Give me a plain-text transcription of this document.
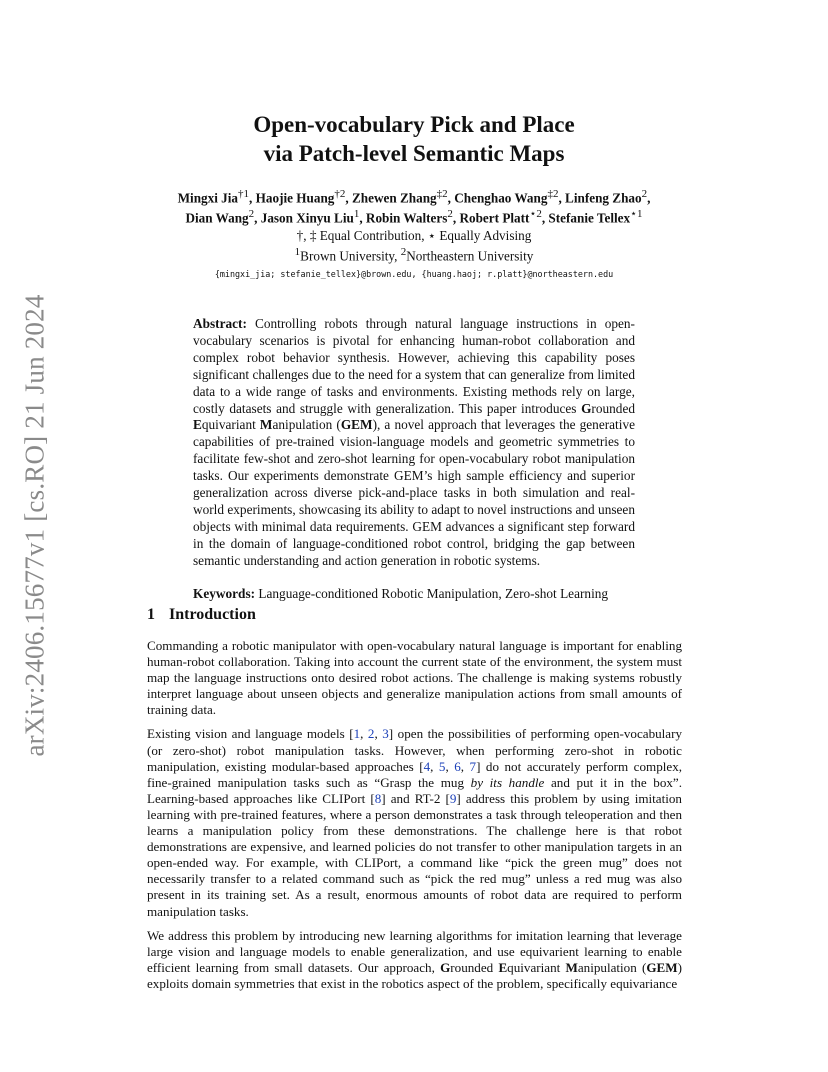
arXiv:2406.15677v1 [cs.RO] 21 Jun 2024
Open-vocabulary Pick and Place
via Patch-level Semantic Maps
Mingxi Jia$^{\dagger 1}$, Haojie Huang$^{\dagger 2}$, Zhewen Zhang$^{\ddagger 2}$, Chenghao Wang$^{\ddagger 2}$, Linfeng Zhao$^2$,
Dian Wang$^2$, Jason Xinyu Liu$^1$, Robin Walters$^2$, Robert Platt$^{⋆2}$, Stefanie Tellex$^{⋆1}$
†, ‡ Equal Contribution, ⋆ Equally Advising
$^1$Brown University, $^2$Northeastern University
{mingxi_jia; stefanie_tellex}@brown.edu, {huang.haoj; r.platt}@northeastern.edu
Abstract: Controlling robots through natural language instructions in open-vocabulary scenarios is pivotal for enhancing human-robot collaboration and complex robot behavior synthesis. However, achieving this capability poses significant challenges due to the need for a system that can generalize from limited data to a wide range of tasks and environments. Existing methods rely on large, costly datasets and struggle with generalization. This paper introduces Grounded Equivariant Manipulation (GEM), a novel approach that leverages the generative capabilities of pre-trained vision-language models and geometric symmetries to facilitate few-shot and zero-shot learning for open-vocabulary robot manipulation tasks. Our experiments demonstrate GEM’s high sample efficiency and superior generalization across diverse pick-and-place tasks in both simulation and real-world experiments, showcasing its ability to adapt to novel instructions and unseen objects with minimal data requirements. GEM advances a significant step forward in the domain of language-conditioned robot control, bridging the gap between semantic understanding and action generation in robotic systems.
Keywords: Language-conditioned Robotic Manipulation, Zero-shot Learning
1 Introduction

Commanding a robotic manipulator with open-vocabulary natural language is important for enabling human-robot collaboration. Taking into account the current state of the environment, the system must map the language instructions onto desired robot actions. The challenge is making systems robustly interpret language about unseen objects and generalize manipulation actions from small amounts of training data.

Existing vision and language models [1, 2, 3] open the possibilities of performing open-vocabulary (or zero-shot) robot manipulation tasks. However, when performing zero-shot in robotic manipulation, existing modular-based approaches [4, 5, 6, 7] do not accurately perform complex, fine-grained manipulation tasks such as “Grasp the mug by its handle and put it in the box”. Learning-based approaches like CLIPort [8] and RT-2 [9] address this problem by using imitation learning with pre-trained features, where a person demonstrates a task through teleoperation and then learns a manipulation policy from these demonstrations. The challenge here is that robot demonstrations are expensive, and learned policies do not transfer to other manipulation targets in an open-ended way. For example, with CLIPort, a command like “pick the green mug” does not necessarily transfer to a related command such as “pick the red mug” unless a red mug was also present in its training set. As a result, enormous amounts of robot data are required to perform manipulation tasks.

We address this problem by introducing new learning algorithms for imitation learning that leverage large vision and language models to enable generalization, and use equivarient learning to enable efficient learning from small datasets. Our approach, Grounded Equivariant Manipulation (GEM) exploits domain symmetries that exist in the robotics aspect of the problem, specifically equivariance
